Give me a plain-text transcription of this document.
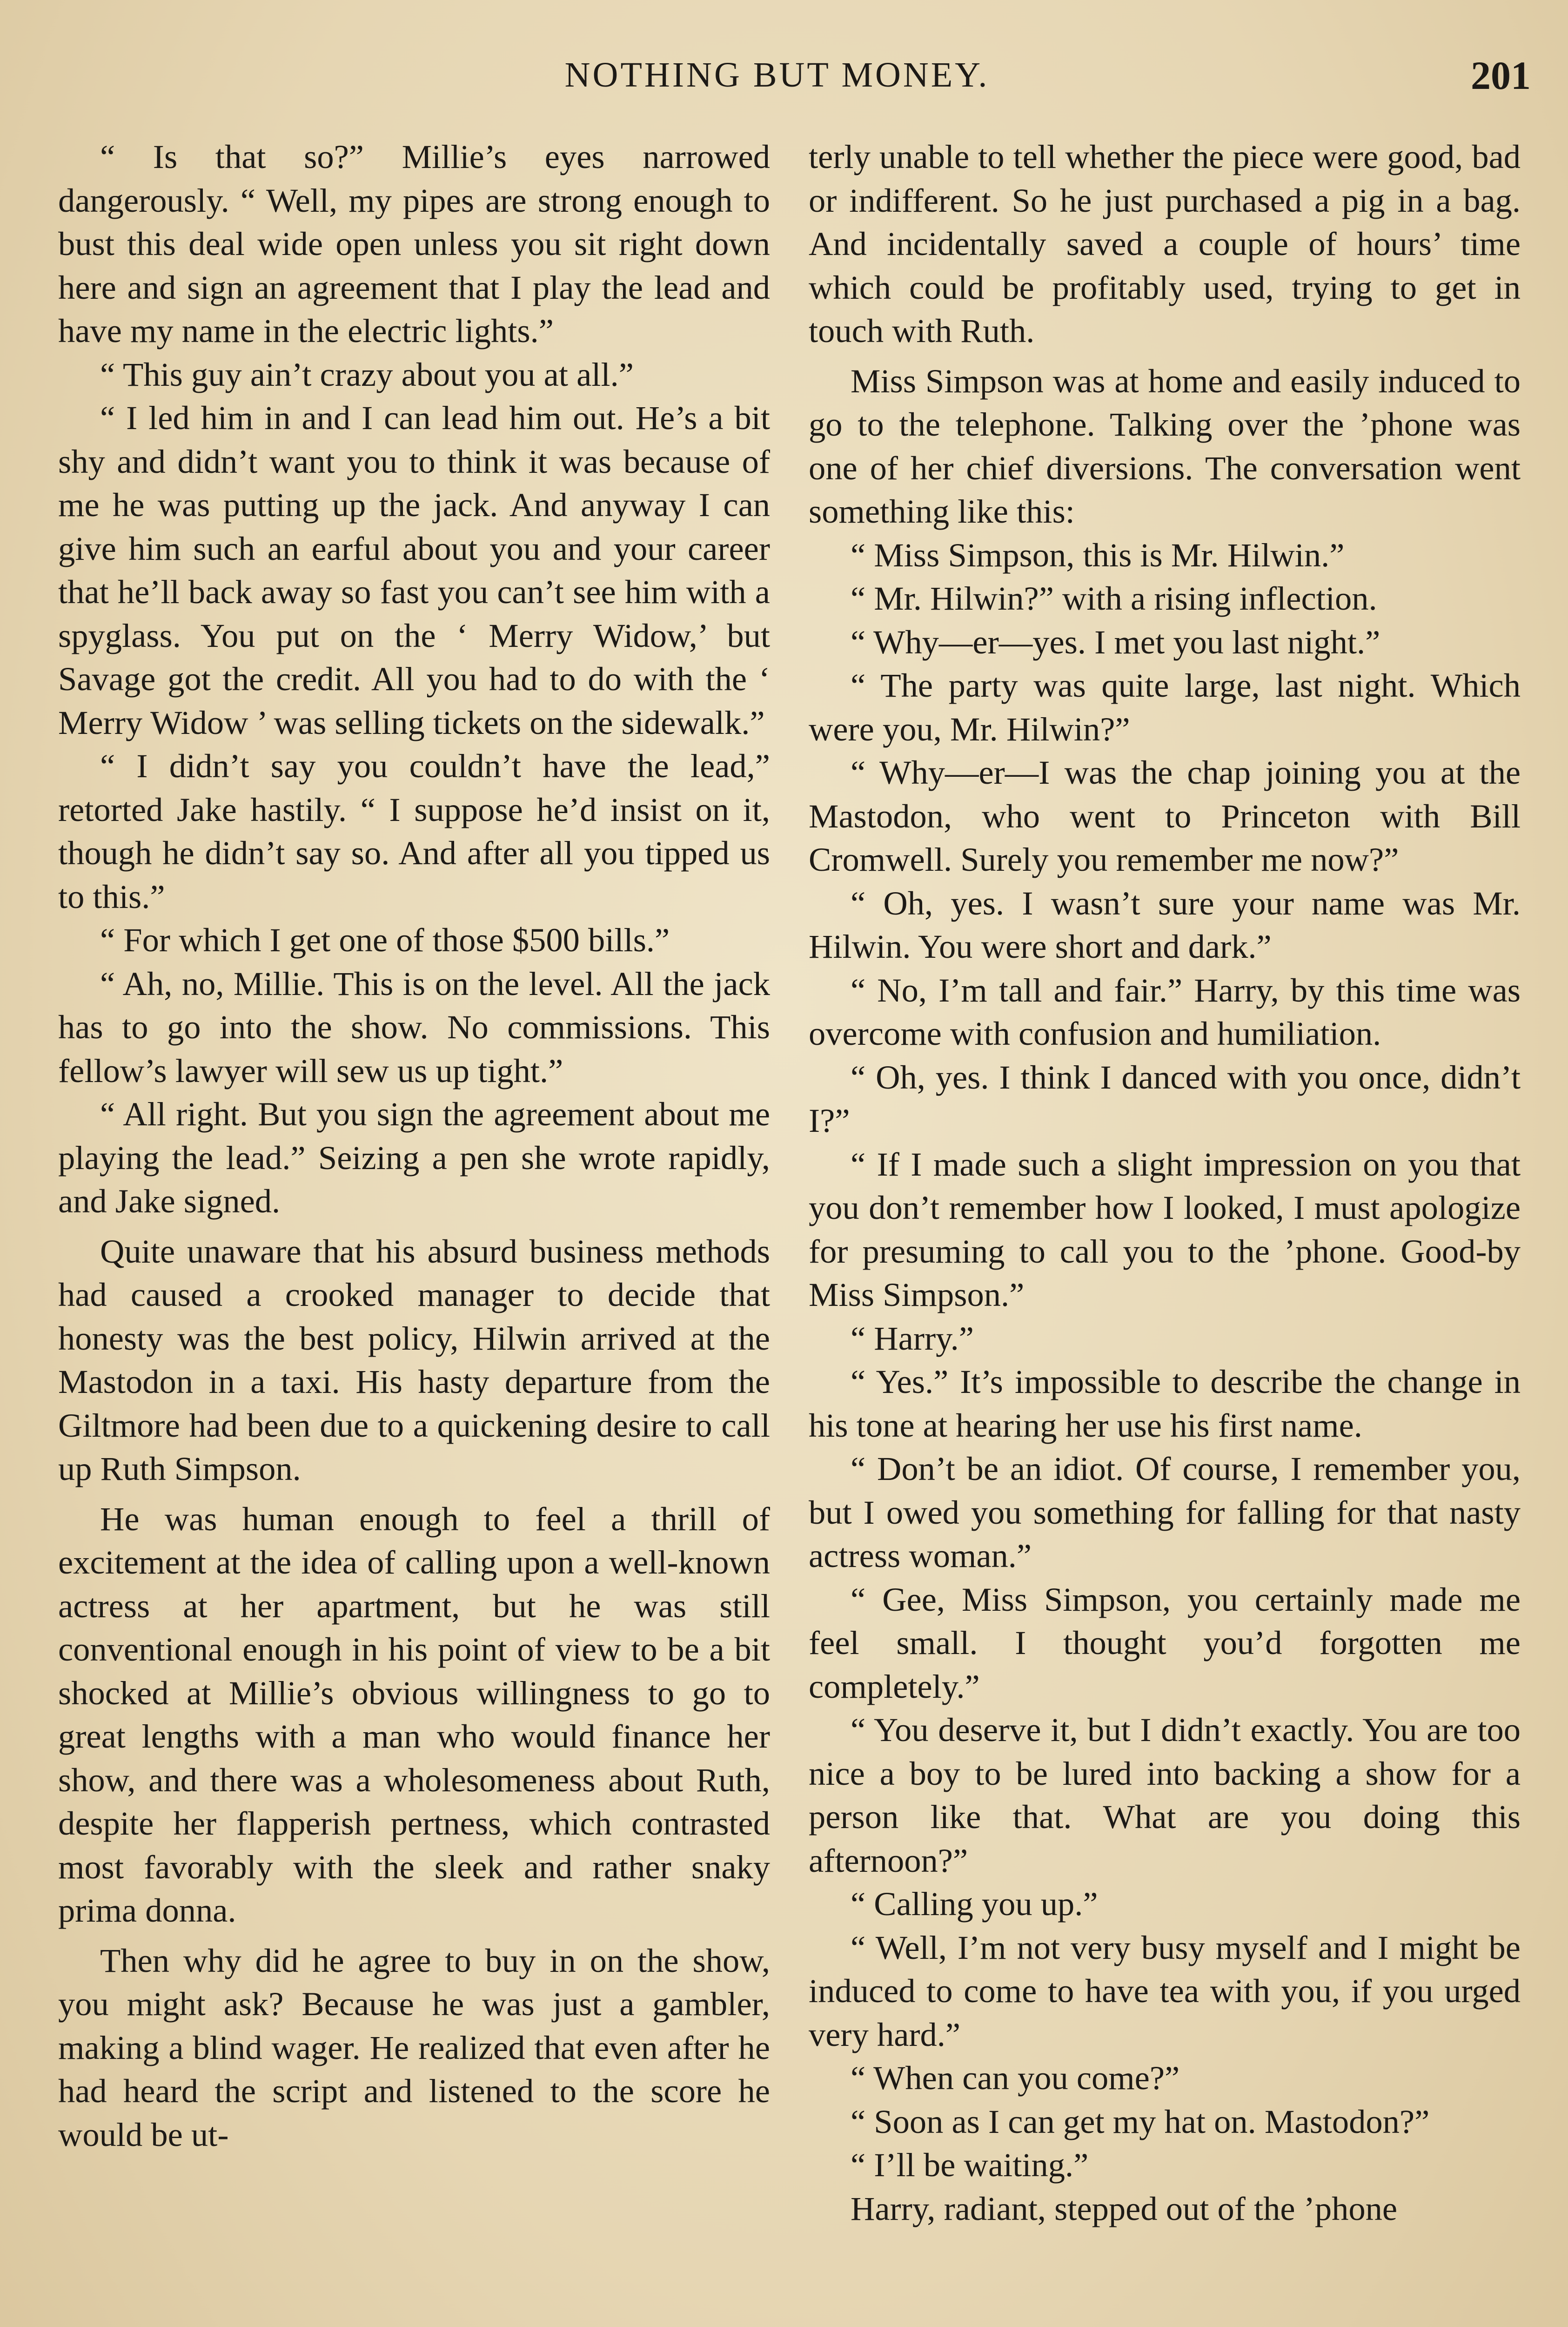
NOTHING BUT MONEY.	201

“ Is that so?” Millie’s eyes narrowed dangerously. “ Well, my pipes are strong enough to bust this deal wide open unless you sit right down here and sign an agreement that I play the lead and have my name in the electric lights.”

“ This guy ain’t crazy about you at all.”

“ I led him in and I can lead him out. He’s a bit shy and didn’t want you to think it was because of me he was putting up the jack. And anyway I can give him such an earful about you and your career that he’ll back away so fast you can’t see him with a spyglass. You put on the ‘ Merry Widow,’ but Savage got the credit. All you had to do with the ‘ Merry Widow ’ was selling tickets on the sidewalk.”

“ I didn’t say you couldn’t have the lead,” retorted Jake hastily. “ I suppose he’d insist on it, though he didn’t say so. And after all you tipped us to this.”

“ For which I get one of those $500 bills.”

“ Ah, no, Millie. This is on the level. All the jack has to go into the show. No commissions. This fellow’s lawyer will sew us up tight.”

“ All right. But you sign the agreement about me playing the lead.” Seizing a pen she wrote rapidly, and Jake signed.

Quite unaware that his absurd business methods had caused a crooked manager to decide that honesty was the best policy, Hilwin arrived at the Mastodon in a taxi. His hasty departure from the Giltmore had been due to a quickening desire to call up Ruth Simpson.

He was human enough to feel a thrill of excitement at the idea of calling upon a well-known actress at her apartment, but he was still conventional enough in his point of view to be a bit shocked at Millie’s obvious willingness to go to great lengths with a man who would finance her show, and there was a wholesomeness about Ruth, despite her flapperish pertness, which contrasted most favorably with the sleek and rather snaky prima donna.

Then why did he agree to buy in on the show, you might ask? Because he was just a gambler, making a blind wager. He realized that even after he had heard the script and listened to the score he would be ut-

terly unable to tell whether the piece were good, bad or indifferent. So he just purchased a pig in a bag. And incidentally saved a couple of hours’ time which could be profitably used, trying to get in touch with Ruth.

Miss Simpson was at home and easily induced to go to the telephone. Talking over the ’phone was one of her chief diversions. The conversation went something like this:

“ Miss Simpson, this is Mr. Hilwin.”

“ Mr. Hilwin?” with a rising inflection.

“ Why—er—yes. I met you last night.”

“ The party was quite large, last night. Which were you, Mr. Hilwin?”

“ Why—er—I was the chap joining you at the Mastodon, who went to Princeton with Bill Cromwell. Surely you remember me now?”

“ Oh, yes. I wasn’t sure your name was Mr. Hilwin. You were short and dark.”

“ No, I’m tall and fair.” Harry, by this time was overcome with confusion and humiliation.

“ Oh, yes. I think I danced with you once, didn’t I?”

“ If I made such a slight impression on you that you don’t remember how I looked, I must apologize for presuming to call you to the ’phone. Good-by Miss Simpson.”

“ Harry.”

“ Yes.” It’s impossible to describe the change in his tone at hearing her use his first name.

“ Don’t be an idiot. Of course, I remember you, but I owed you something for falling for that nasty actress woman.”

“ Gee, Miss Simpson, you certainly made me feel small. I thought you’d forgotten me completely.”

“ You deserve it, but I didn’t exactly. You are too nice a boy to be lured into backing a show for a person like that. What are you doing this afternoon?”

“ Calling you up.”

“ Well, I’m not very busy myself and I might be induced to come to have tea with you, if you urged very hard.”

“ When can you come?”

“ Soon as I can get my hat on. Mastodon?”

“ I’ll be waiting.”

Harry, radiant, stepped out of the ’phone
